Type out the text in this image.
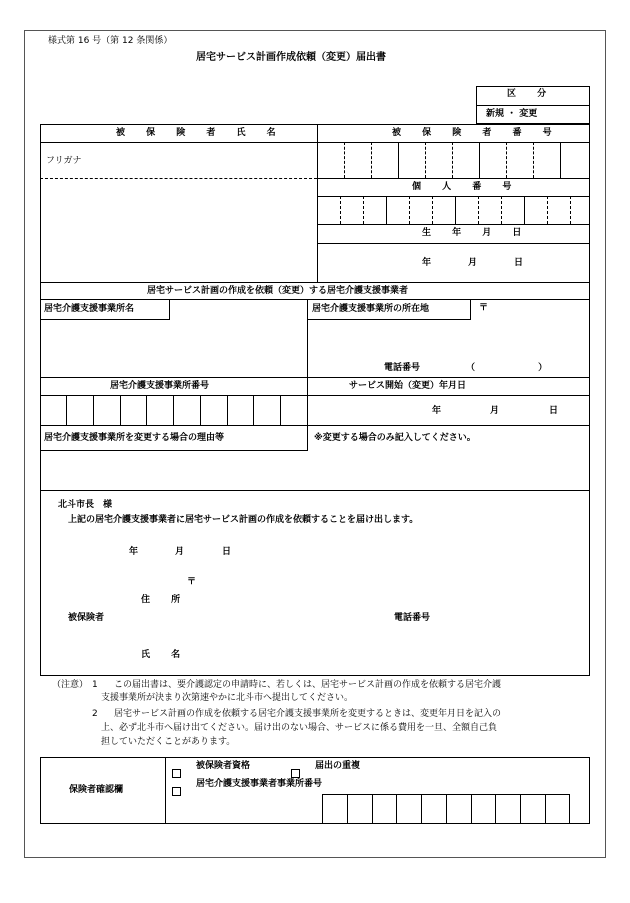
様式第 16 号（第 12 条関係）
居宅サービス計画作成依頼（変更）届出書
区 分
新規 ・ 変更
被 保 険 者 氏 名	被 保 険 者 番 号
フリガナ
個 人 番 号
生 年 月 日
年	月	日
居宅サービス計画の作成を依頼（変更）する居宅介護支援事業者
居宅介護支援事業所名	居宅介護支援事業所の所在地	〒
電話番号	（ ）
居宅介護支援事業所番号	サービス開始（変更）年月日
年	月	日
居宅介護支援事業所を変更する場合の理由等	※変更する場合のみ記入してください。
北斗市長　様
上記の居宅介護支援事業者に居宅サービス計画の作成を依頼することを届け出します。
年	月	日
〒
住 所
被保険者	電話番号
氏 名
（注意） 1 この届出書は、要介護認定の申請時に、若しくは、居宅サービス計画の作成を依頼する居宅介護
支援事業所が決まり次第速やかに北斗市へ提出してください。
2 居宅サービス計画の作成を依頼する居宅介護支援事業所を変更するときは、変更年月日を記入の
上、必ず北斗市へ届け出てください。届け出のない場合、サービスに係る費用を一旦、全額自己負
担していただくことがあります。
保険者確認欄
被保険者資格	届出の重複
居宅介護支援事業者事業所番号
